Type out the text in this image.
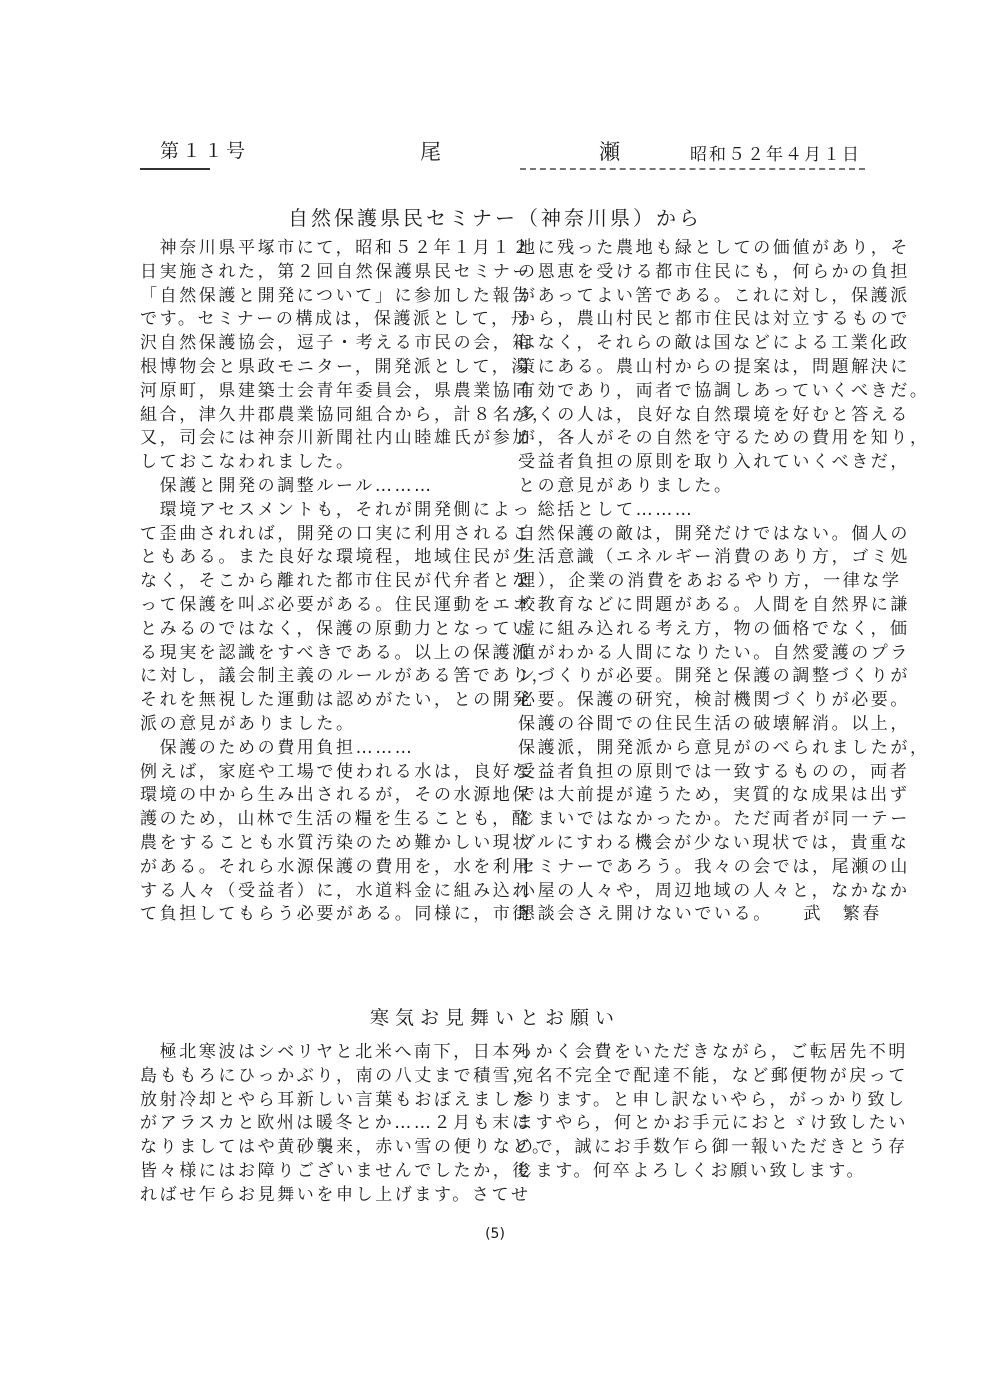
第１１号	尾	瀬	昭和５２年４月１日
自然保護県民セミナー（神奈川県）から
　神奈川県平塚市にて，昭和５２年１月１２
日実施された，第２回自然保護県民セミナー
「自然保護と開発について」に参加した報告
です。セミナーの構成は，保護派として，丹
沢自然保護協会，逗子・考える市民の会，箱
根博物会と県政モニター，開発派として，湯
河原町，県建築士会青年委員会，県農業協同
組合，津久井郡農業協同組合から，計８名が，
又，司会には神奈川新聞社内山睦雄氏が参加
しておこなわれました。
　保護と開発の調整ルール………
　環境アセスメントも，それが開発側によっ
て歪曲されれば，開発の口実に利用されるこ
ともある。また良好な環境程，地域住民が少
なく，そこから離れた都市住民が代弁者とな
って保護を叫ぶ必要がある。住民運動をエゴ
とみるのではなく，保護の原動力となってい
る現実を認識をすべきである。以上の保護派
に対し，議会制主義のルールがある筈であり，
それを無視した運動は認めがたい，との開発
派の意見がありました。
　保護のための費用負担………
例えば，家庭や工場で使われる水は，良好な
環境の中から生み出されるが，その水源地保
護のため，山林で生活の糧を生ることも，酪
農をすることも水質汚染のため難かしい現状
がある。それら水源保護の費用を，水を利用
する人々（受益者）に，水道料金に組み込れ
て負担してもらう必要がある。同様に，市街
地に残った農地も緑としての価値があり，そ
の恩恵を受ける都市住民にも，何らかの負担
があってよい筈である。これに対し，保護派
から，農山村民と都市住民は対立するもので
はなく，それらの敵は国などによる工業化政
策にある。農山村からの提案は，問題解決に
有効であり，両者で協調しあっていくべきだ。
多くの人は，良好な自然環境を好むと答える
が，各人がその自然を守るための費用を知り，
受益者負担の原則を取り入れていくべきだ，
との意見がありました。
　総括として………
自然保護の敵は，開発だけではない。個人の
生活意識（エネルギー消費のあり方，ゴミ処
理），企業の消費をあおるやり方，一律な学
校教育などに問題がある。人間を自然界に謙
虚に組み込れる考え方，物の価格でなく，価
値がわかる人間になりたい。自然愛護のプラ
ンづくりが必要。開発と保護の調整づくりが
必要。保護の研究，検討機関づくりが必要。
保護の谷間での住民生活の破壊解消。以上，
保護派，開発派から意見がのべられましたが，
受益者負担の原則では一致するものの，両者
では大前提が違うため，実質的な成果は出ず
じまいではなかったか。ただ両者が同一テー
ブルにすわる機会が少ない現状では，貴重な
セミナーであろう。我々の会では，尾瀬の山
小屋の人々や，周辺地域の人々と，なかなか
懇談会さえ開けないでいる。　　武　繁春
寒気お見舞いとお願い
　極北寒波はシベリヤと北米へ南下，日本列
島ももろにひっかぶり，南の八丈まで積雪，
放射冷却とやら耳新しい言葉もおぼえました
がアラスカと欧州は暖冬とか……２月も末に
なりましてはや黄砂襲来，赤い雪の便りなど。
皆々様にはお障りございませんでしたか，後
ればせ乍らお見舞いを申し上げます。さてせ
っかく会費をいただきながら，ご転居先不明
宛名不完全で配達不能，など郵便物が戻って
参ります。と申し訳ないやら，がっかり致し
ますやら，何とかお手元におとゞけ致したい
ので，誠にお手数乍ら御一報いただきとう存
じます。何卒よろしくお願い致します。
(5)
